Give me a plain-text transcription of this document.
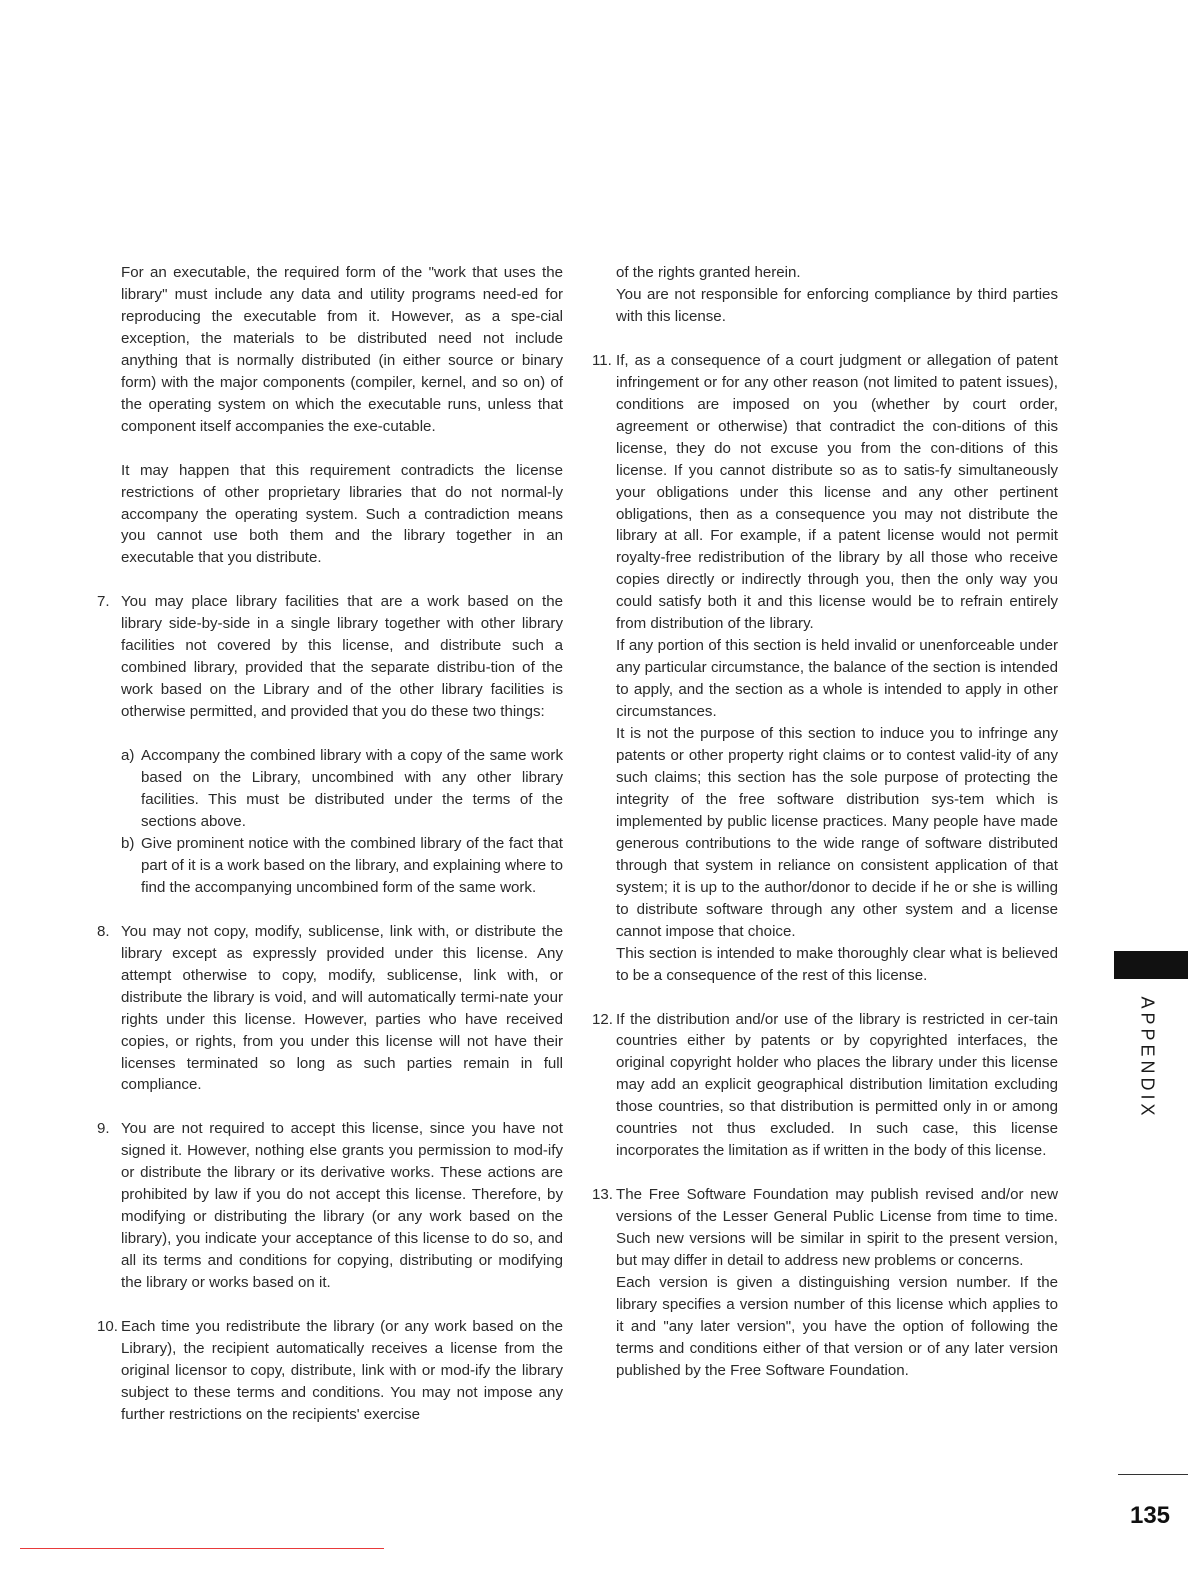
For an executable, the required form of the "work that uses the library" must include any data and utility programs need-ed for reproducing the executable from it. However, as a spe-cial exception, the materials to be distributed need not include anything that is normally distributed (in either source or binary form) with the major components (compiler, kernel, and so on) of the operating system on which the executable runs, unless that component itself accompanies the exe-cutable.

It may happen that this requirement contradicts the license restrictions of other proprietary libraries that do not normal-ly accompany the operating system. Such a contradiction means you cannot use both them and the library together in an executable that you distribute.

7. You may place library facilities that are a work based on the library side-by-side in a single library together with other library facilities not covered by this license, and distribute such a combined library, provided that the separate distribu-tion of the work based on the Library and of the other library facilities is otherwise permitted, and provided that you do these two things:

a) Accompany the combined library with a copy of the same work based on the Library, uncombined with any other library facilities. This must be distributed under the terms of the sections above.

b) Give prominent notice with the combined library of the fact that part of it is a work based on the library, and explaining where to find the accompanying uncombined form of the same work.

8. You may not copy, modify, sublicense, link with, or distribute the library except as expressly provided under this license. Any attempt otherwise to copy, modify, sublicense, link with, or distribute the library is void, and will automatically termi-nate your rights under this license. However, parties who have received copies, or rights, from you under this license will not have their licenses terminated so long as such parties remain in full compliance.

9. You are not required to accept this license, since you have not signed it. However, nothing else grants you permission to mod-ify or distribute the library or its derivative works. These actions are prohibited by law if you do not accept this license. Therefore, by modifying or distributing the library (or any work based on the library), you indicate your acceptance of this license to do so, and all its terms and conditions for copying, distributing or modifying the library or works based on it.

10. Each time you redistribute the library (or any work based on the Library), the recipient automatically receives a license from the original licensor to copy, distribute, link with or mod-ify the library subject to these terms and conditions. You may not impose any further restrictions on the recipients' exercise

of the rights granted herein.

You are not responsible for enforcing compliance by third parties with this license.

11. If, as a consequence of a court judgment or allegation of patent infringement or for any other reason (not limited to patent issues), conditions are imposed on you (whether by court order, agreement or otherwise) that contradict the con-ditions of this license, they do not excuse you from the con-ditions of this license. If you cannot distribute so as to satis-fy simultaneously your obligations under this license and any other pertinent obligations, then as a consequence you may not distribute the library at all. For example, if a patent license would not permit royalty-free redistribution of the library by all those who receive copies directly or indirectly through you, then the only way you could satisfy both it and this license would be to refrain entirely from distribution of the library.

If any portion of this section is held invalid or unenforceable under any particular circumstance, the balance of the section is intended to apply, and the section as a whole is intended to apply in other circumstances.

It is not the purpose of this section to induce you to infringe any patents or other property right claims or to contest valid-ity of any such claims; this section has the sole purpose of protecting the integrity of the free software distribution sys-tem which is implemented by public license practices. Many people have made generous contributions to the wide range of software distributed through that system in reliance on consistent application of that system; it is up to the author/donor to decide if he or she is willing to distribute software through any other system and a license cannot impose that choice.

This section is intended to make thoroughly clear what is believed to be a consequence of the rest of this license.

12. If the distribution and/or use of the library is restricted in cer-tain countries either by patents or by copyrighted interfaces, the original copyright holder who places the library under this license may add an explicit geographical distribution limitation excluding those countries, so that distribution is permitted only in or among countries not thus excluded. In such case, this license incorporates the limitation as if written in the body of this license.

13. The Free Software Foundation may publish revised and/or new versions of the Lesser General Public License from time to time. Such new versions will be similar in spirit to the present version, but may differ in detail to address new problems or concerns.

Each version is given a distinguishing version number. If the library specifies a version number of this license which applies to it and "any later version", you have the option of following the terms and conditions either of that version or of any later version published by the Free Software Foundation.

APPENDIX
135
